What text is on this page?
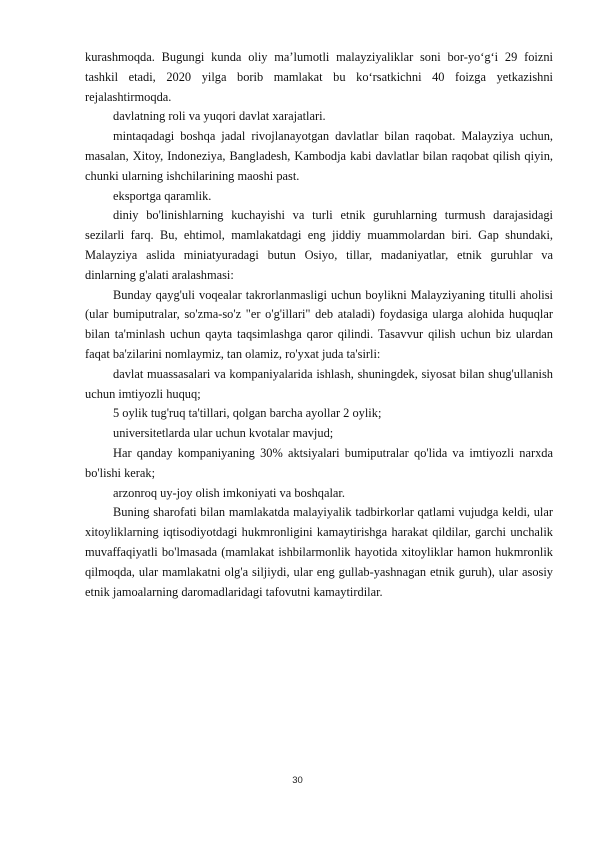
kurashmoqda. Bugungi kunda oliy ma’lumotli malayziyaliklar soni bor-yo‘g‘i 29 foizni tashkil etadi, 2020 yilga borib mamlakat bu ko‘rsatkichni 40 foizga yetkazishni rejalashtirmoqda.

davlatning roli va yuqori davlat xarajatlari.

mintaqadagi boshqa jadal rivojlanayotgan davlatlar bilan raqobat. Malayziya uchun, masalan, Xitoy, Indoneziya, Bangladesh, Kambodja kabi davlatlar bilan raqobat qilish qiyin, chunki ularning ishchilarining maoshi past.

eksportga qaramlik.

diniy bo'linishlarning kuchayishi va turli etnik guruhlarning turmush darajasidagi sezilarli farq. Bu, ehtimol, mamlakatdagi eng jiddiy muammolardan biri. Gap shundaki, Malayziya aslida miniatyuradagi butun Osiyo, tillar, madaniyatlar, etnik guruhlar va dinlarning g'alati aralashmasi:

Bunday qayg'uli voqealar takrorlanmasligi uchun boylikni Malayziyaning titulli aholisi (ular bumiputralar, so'zma-so'z "er o'g'illari" deb ataladi) foydasiga ularga alohida huquqlar bilan ta'minlash uchun qayta taqsimlashga qaror qilindi. Tasavvur qilish uchun biz ulardan faqat ba'zilarini nomlaymiz, tan olamiz, ro'yxat juda ta'sirli:

davlat muassasalari va kompaniyalarida ishlash, shuningdek, siyosat bilan shug'ullanish uchun imtiyozli huquq;

5 oylik tug'ruq ta'tillari, qolgan barcha ayollar 2 oylik;

universitetlarda ular uchun kvotalar mavjud;

Har qanday kompaniyaning 30% aktsiyalari bumiputralar qo'lida va imtiyozli narxda bo'lishi kerak;

arzonroq uy-joy olish imkoniyati va boshqalar.

Buning sharofati bilan mamlakatda malayiyalik tadbirkorlar qatlami vujudga keldi, ular xitoyliklarning iqtisodiyotdagi hukmronligini kamaytirishga harakat qildilar, garchi unchalik muvaffaqiyatli bo'lmasada (mamlakat ishbilarmonlik hayotida xitoyliklar hamon hukmronlik qilmoqda, ular mamlakatni olg'a siljiydi, ular eng gullab-yashnagan etnik guruh), ular asosiy etnik jamoalarning daromadlaridagi tafovutni kamaytirdilar.

30
